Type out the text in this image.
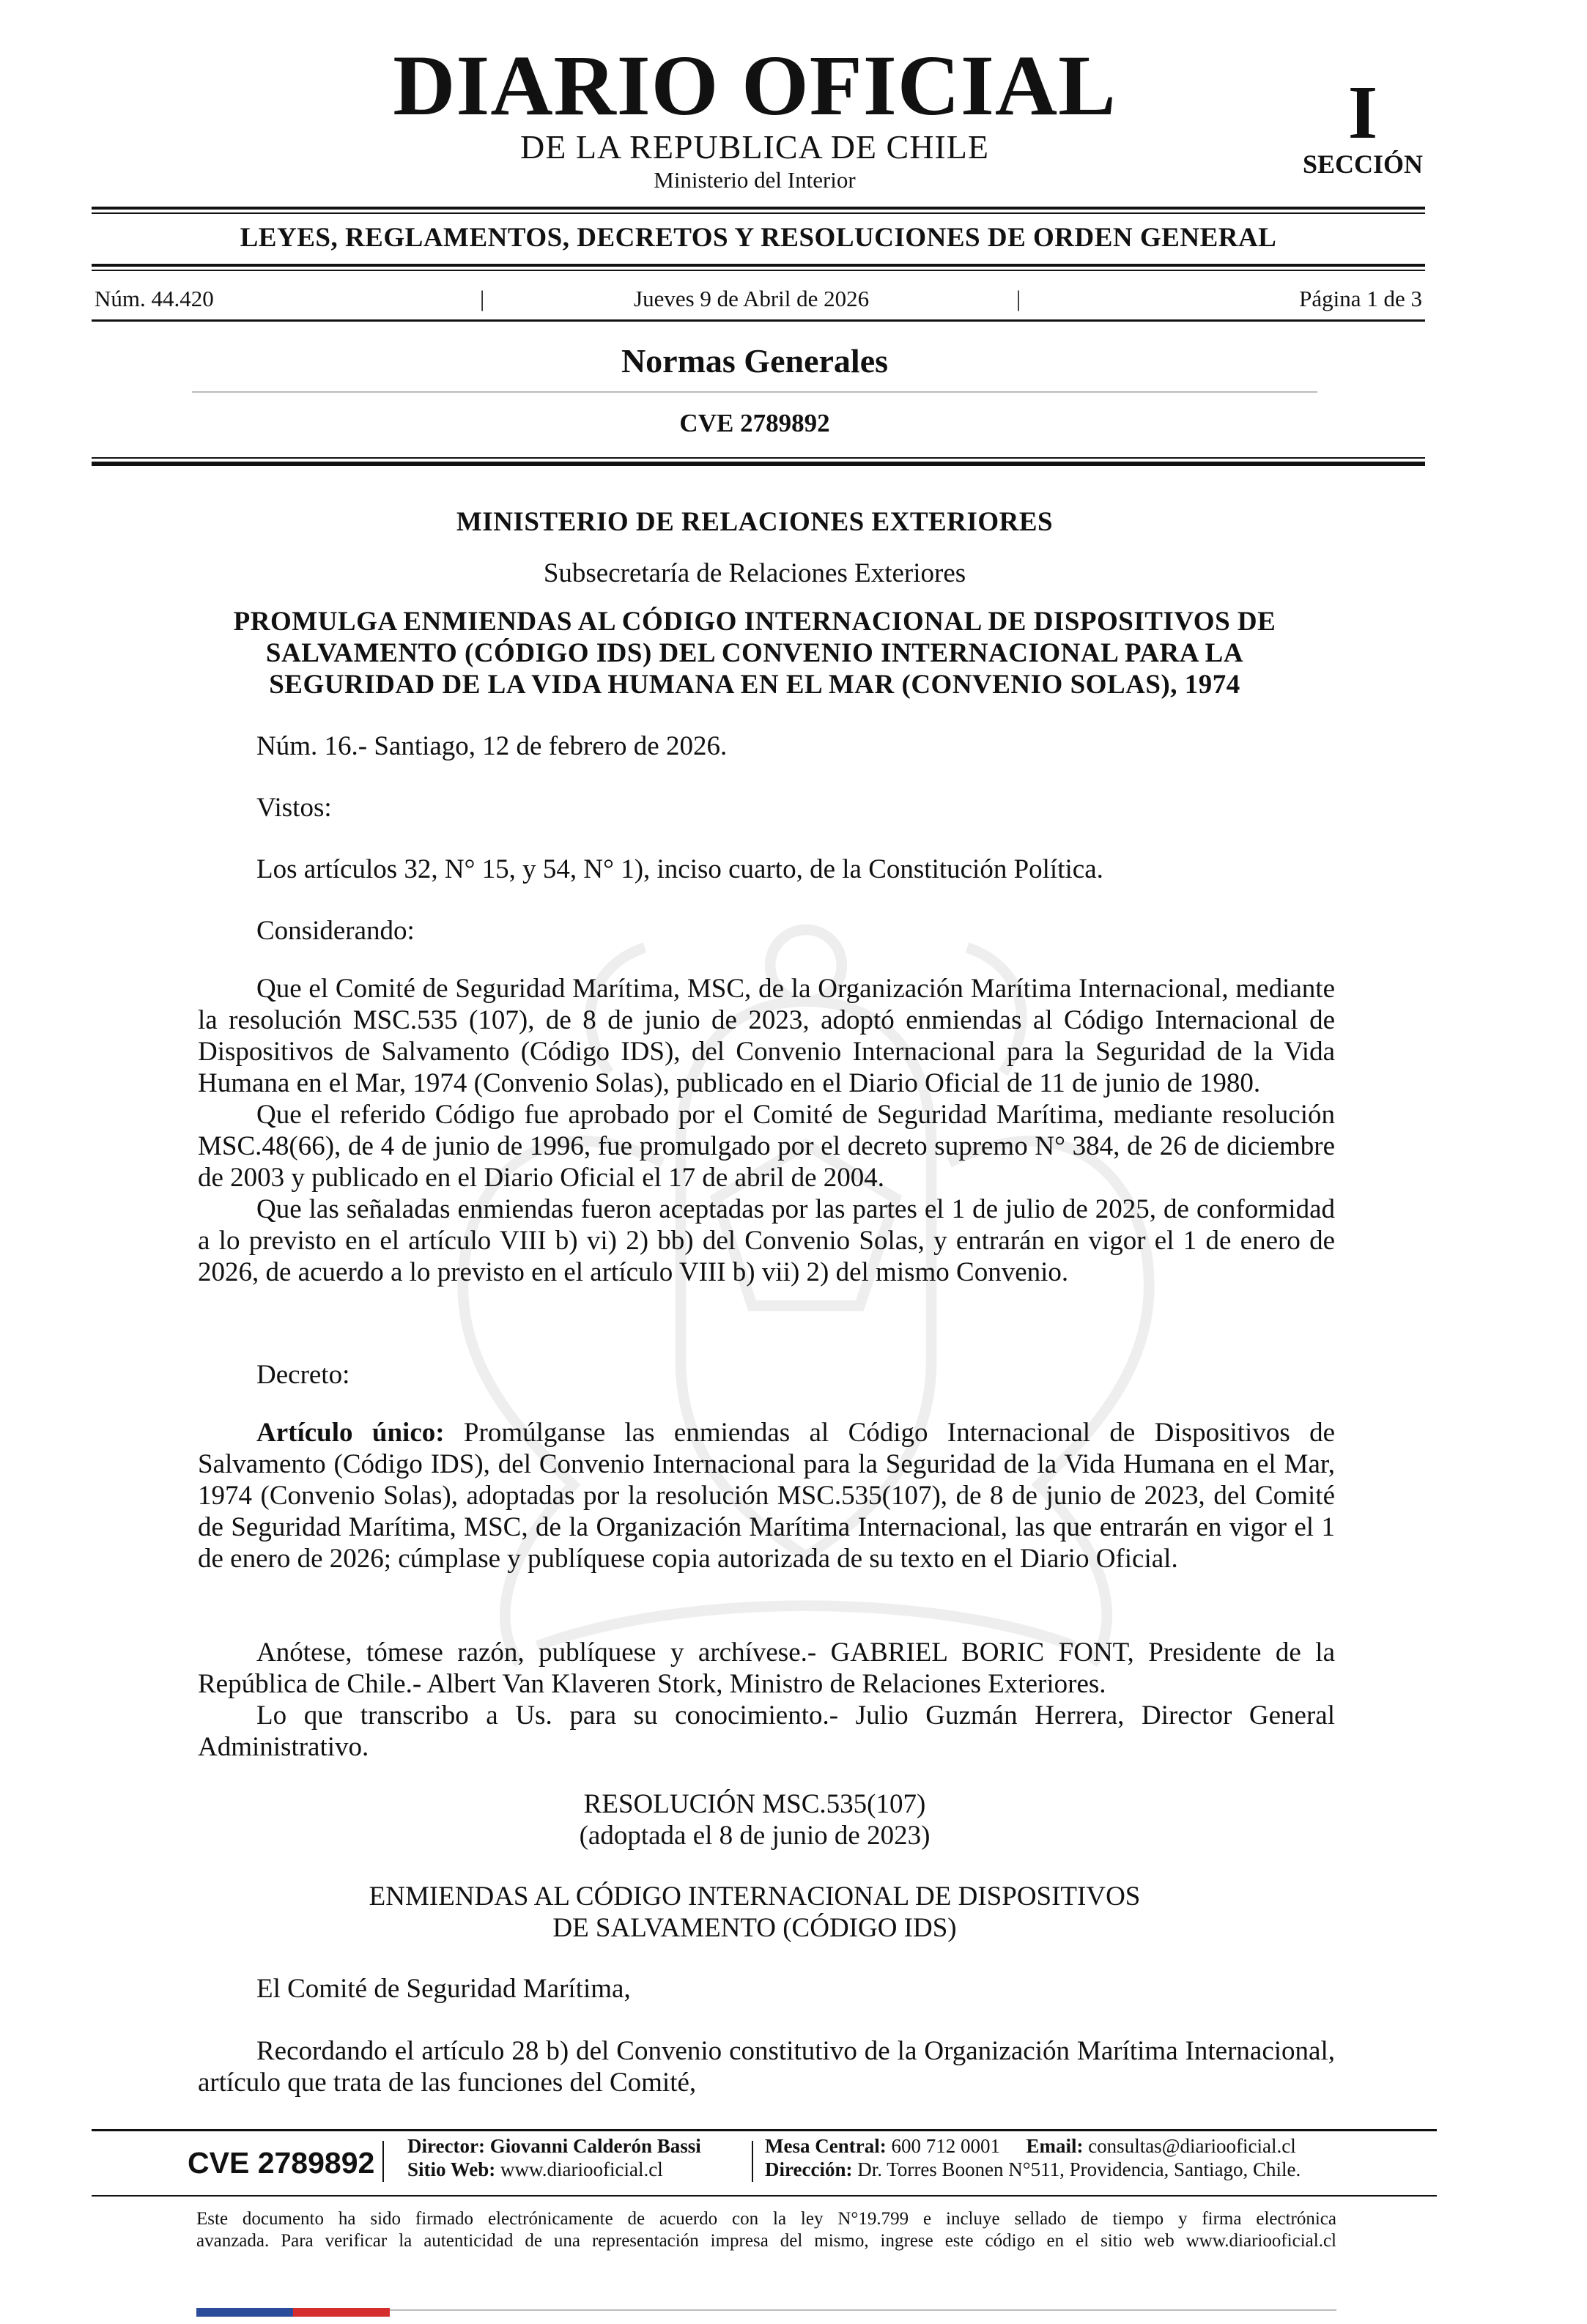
DIARIO OFICIAL
DE LA REPUBLICA DE CHILE
Ministerio del Interior
I
SECCIÓN
LEYES, REGLAMENTOS, DECRETOS Y RESOLUCIONES DE ORDEN GENERAL
Núm. 44.420	|	Jueves 9 de Abril de 2026	|	Página 1 de 3
Normas Generales
CVE 2789892
MINISTERIO DE RELACIONES EXTERIORES
Subsecretaría de Relaciones Exteriores
PROMULGA ENMIENDAS AL CÓDIGO INTERNACIONAL DE DISPOSITIVOS DE
SALVAMENTO (CÓDIGO IDS) DEL CONVENIO INTERNACIONAL PARA LA
SEGURIDAD DE LA VIDA HUMANA EN EL MAR (CONVENIO SOLAS), 1974
Núm. 16.- Santiago, 12 de febrero de 2026.
Vistos:
Los artículos 32, N° 15, y 54, N° 1), inciso cuarto, de la Constitución Política.
Considerando:

Que el Comité de Seguridad Marítima, MSC, de la Organización Marítima Internacional, mediante la resolución MSC.535 (107), de 8 de junio de 2023, adoptó enmiendas al Código Internacional de Dispositivos de Salvamento (Código IDS), del Convenio Internacional para la Seguridad de la Vida Humana en el Mar, 1974 (Convenio Solas), publicado en el Diario Oficial de 11 de junio de 1980.

Que el referido Código fue aprobado por el Comité de Seguridad Marítima, mediante resolución MSC.48(66), de 4 de junio de 1996, fue promulgado por el decreto supremo N° 384, de 26 de diciembre de 2003 y publicado en el Diario Oficial el 17 de abril de 2004.

Que las señaladas enmiendas fueron aceptadas por las partes el 1 de julio de 2025, de conformidad a lo previsto en el artículo VIII b) vi) 2) bb) del Convenio Solas, y entrarán en vigor el 1 de enero de 2026, de acuerdo a lo previsto en el artículo VIII b) vii) 2) del mismo Convenio.

Decreto:

Artículo único: Promúlganse las enmiendas al Código Internacional de Dispositivos de Salvamento (Código IDS), del Convenio Internacional para la Seguridad de la Vida Humana en el Mar, 1974 (Convenio Solas), adoptadas por la resolución MSC.535(107), de 8 de junio de 2023, del Comité de Seguridad Marítima, MSC, de la Organización Marítima Internacional, las que entrarán en vigor el 1 de enero de 2026; cúmplase y publíquese copia autorizada de su texto en el Diario Oficial.

Anótese, tómese razón, publíquese y archívese.- GABRIEL BORIC FONT, Presidente de la República de Chile.- Albert Van Klaveren Stork, Ministro de Relaciones Exteriores.

Lo que transcribo a Us. para su conocimiento.- Julio Guzmán Herrera, Director General Administrativo.

RESOLUCIÓN MSC.535(107)
(adoptada el 8 de junio de 2023)
ENMIENDAS AL CÓDIGO INTERNACIONAL DE DISPOSITIVOS
DE SALVAMENTO (CÓDIGO IDS)
El Comité de Seguridad Marítima,

Recordando el artículo 28 b) del Convenio constitutivo de la Organización Marítima Internacional, artículo que trata de las funciones del Comité,

CVE 2789892 Director: Giovanni Calderón Bassi
Sitio Web: www.diariooficial.cl
Mesa Central: 600 712 0001 Email: consultas@diariooficial.cl
Dirección: Dr. Torres Boonen N°511, Providencia, Santiago, Chile.
Este documento ha sido firmado electrónicamente de acuerdo con la ley N°19.799 e incluye sellado de tiempo y firma electrónica
avanzada. Para verificar la autenticidad de una representación impresa del mismo, ingrese este código en el sitio web www.diariooficial.cl
